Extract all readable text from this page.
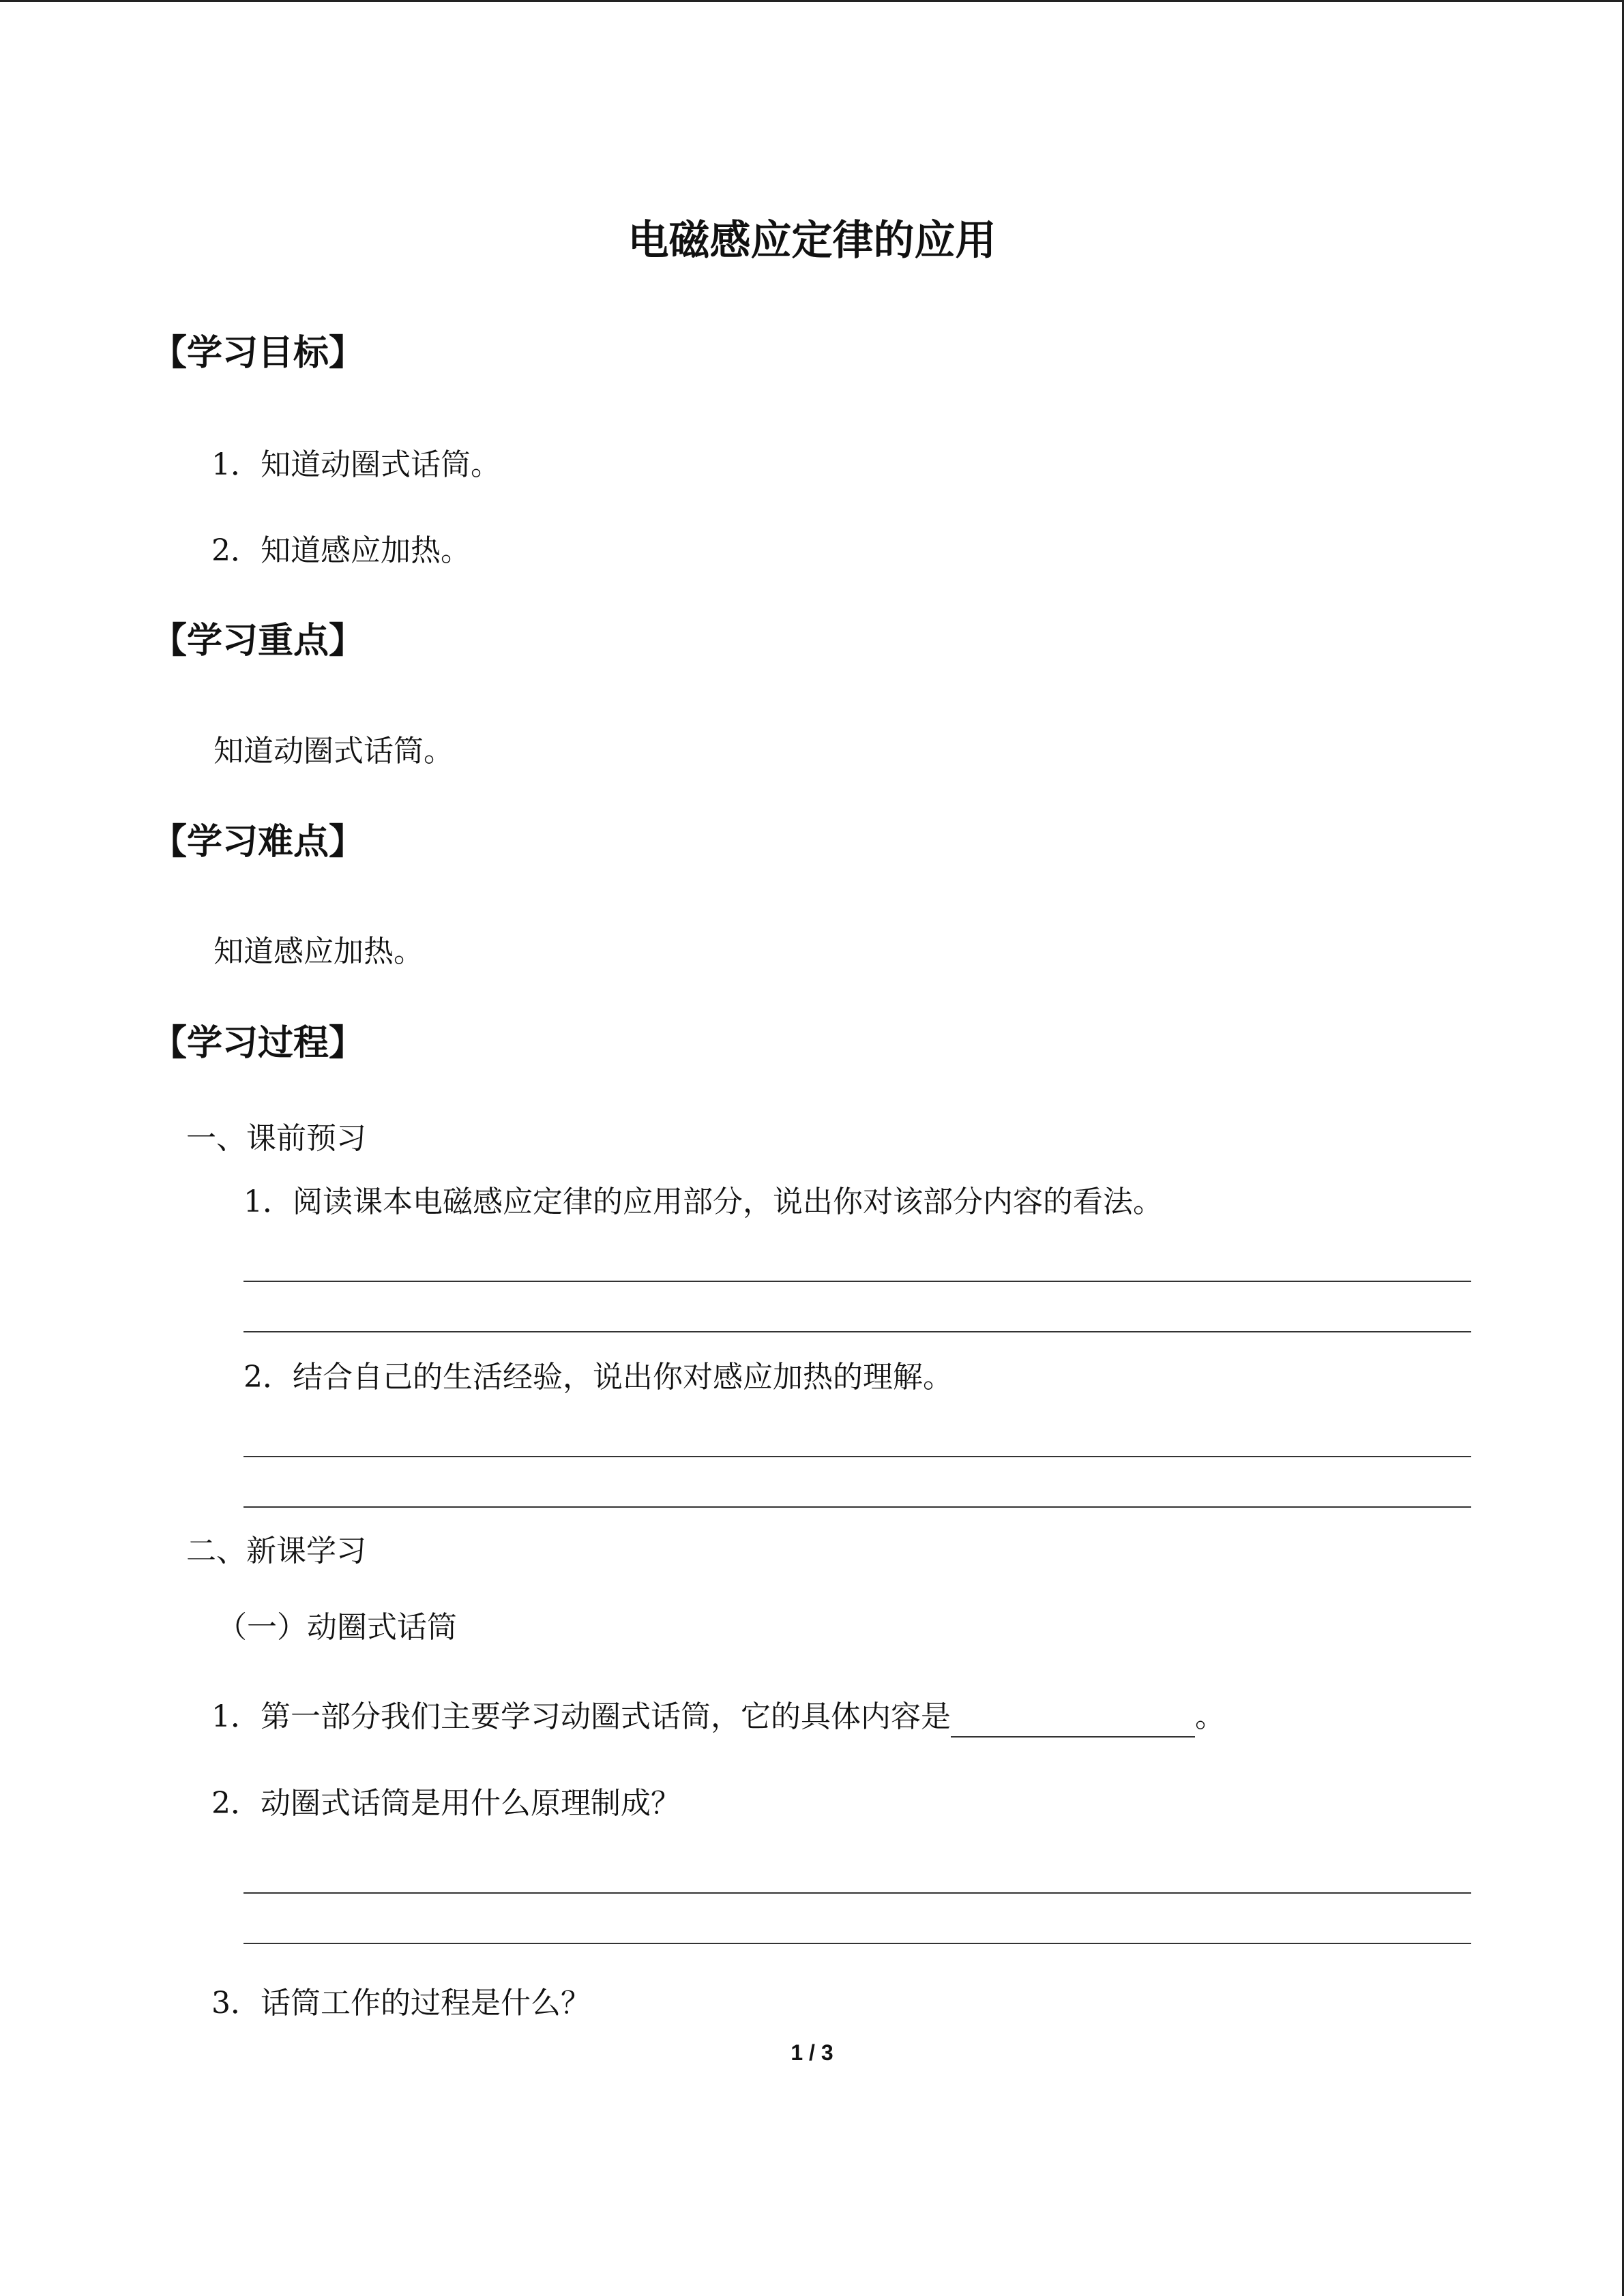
电磁感应定律的应用
【学习目标】
1．知道动圈式话筒。
2．知道感应加热。
【学习重点】
知道动圈式话筒。
【学习难点】
知道感应加热。
【学习过程】
一、课前预习
1．阅读课本电磁感应定律的应用部分，说出你对该部分内容的看法。
2．结合自己的生活经验，说出你对感应加热的理解。
二、新课学习
（一）动圈式话筒
1．第一部分我们主要学习动圈式话筒，它的具体内容是	。
2．动圈式话筒是用什么原理制成？
3．话筒工作的过程是什么？
1 / 3
